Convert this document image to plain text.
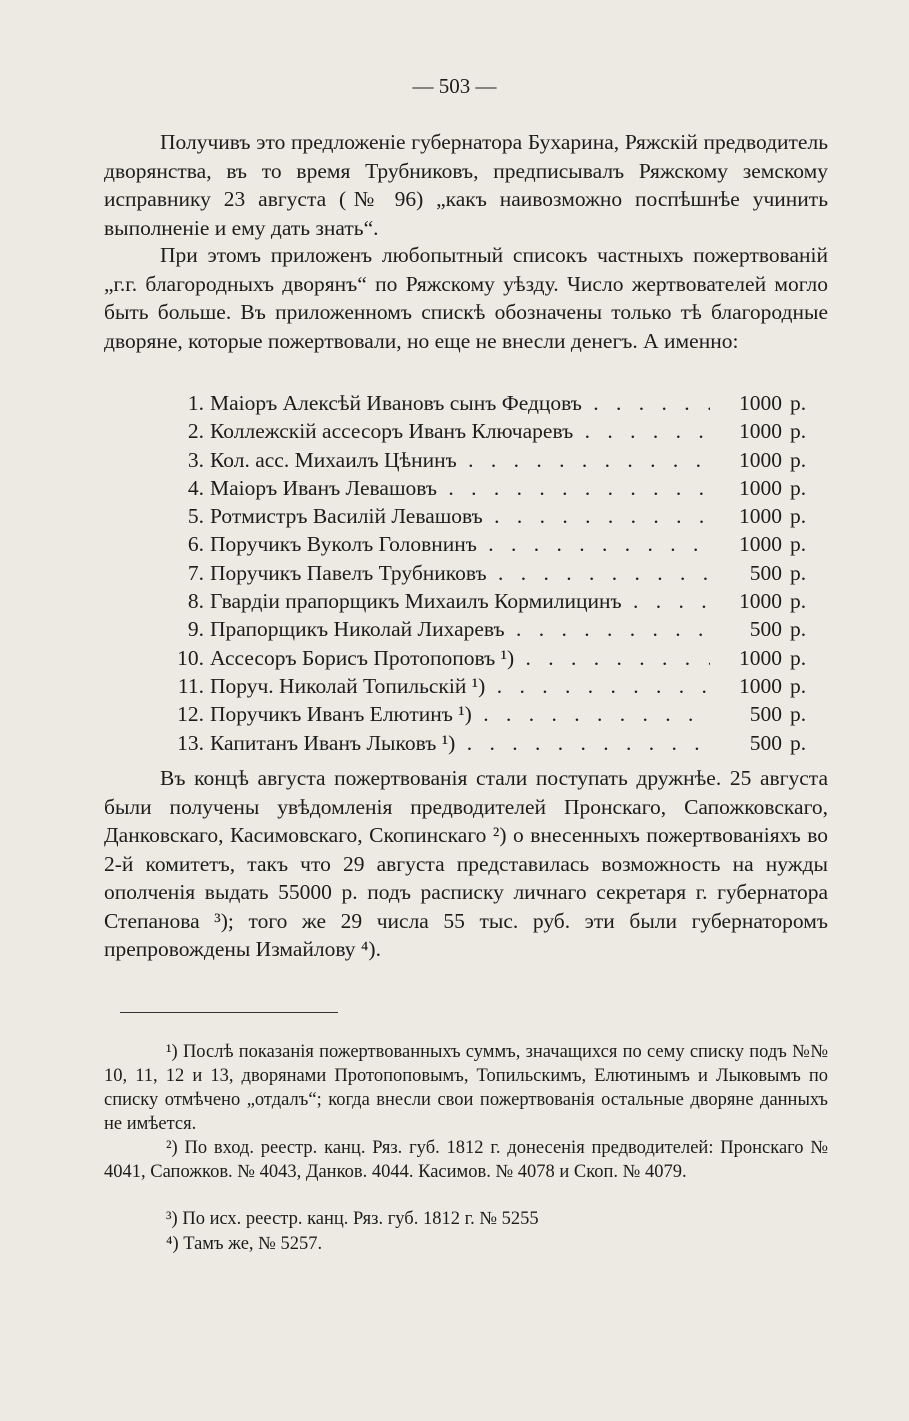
— 503 —

Получивъ это предложеніе губернатора Бухарина, Ряжскій предводитель дворянства, въ то время Трубниковъ, предписывалъ Ряжскому земскому исправнику 23 августа (№ 96) „какъ наивозможно поспѣшнѣе учинить выполненіе и ему дать знать“.

При этомъ приложенъ любопытный списокъ частныхъ пожертвованій „г.г. благородныхъ дворянъ“ по Ряжскому уѣзду. Число жертвователей могло быть больше. Въ приложенномъ спискѣ обозначены только тѣ благородные дворяне, которые пожертвовали, но еще не внесли денегъ. А именно:

1. Маіоръ Алексѣй Ивановъ сынъ Федцовъ . .	1000 р.
2. Коллежскій ассесоръ Иванъ Ключаревъ . .	1000 р.
3. Кол. асс. Михаилъ Цѣнинъ . .	1000 р.
4. Маіоръ Иванъ Левашовъ . .	1000 р.
5. Ротмистръ Василій Левашовъ . .	1000 р.
6. Поручикъ Вуколъ Головнинъ . .	1000 р.
7. Поручикъ Павелъ Трубниковъ . .	500 р.
8. Гвардіи прапорщикъ Михаилъ Кормилицинъ . .	1000 р.
9. Прапорщикъ Николай Лихаревъ . .	500 р.
10. Ассесоръ Борисъ Протопоповъ ¹) . .	1000 р.
11. Поруч. Николай Топильскій ¹) . .	1000 р.
12. Поручикъ Иванъ Елютинъ ¹) . .	500 р.
13. Капитанъ Иванъ Лыковъ ¹) . .	500 р.

Въ концѣ августа пожертвованія стали поступать дружнѣе. 25 августа были получены увѣдомленія предводителей Пронскаго, Сапожковскаго, Данковскаго, Касимовскаго, Скопинскаго ²) о внесенныхъ пожертвованіяхъ во 2-й комитетъ, такъ что 29 августа представилась возможность на нужды ополченія выдать 55000 р. подъ расписку личнаго секретаря г. губернатора Степанова ³); того же 29 числа 55 тыс. руб. эти были губернаторомъ препровождены Измайлову ⁴).

¹) Послѣ показанія пожертвованныхъ суммъ, значащихся по сему списку подъ №№ 10, 11, 12 и 13, дворянами Протопоповымъ, Топильскимъ, Елютинымъ и Лыковымъ по списку отмѣчено „отдалъ“; когда внесли свои пожертвованія остальные дворяне данныхъ не имѣется.

²) По вход. реестр. канц. Ряз. губ. 1812 г. донесенія предводителей: Пронскаго № 4041, Сапожков. № 4043, Данков. 4044. Касимов. № 4078 и Скоп. № 4079.

³) По исх. реестр. канц. Ряз. губ. 1812 г. № 5255

⁴) Тамъ же, № 5257.
